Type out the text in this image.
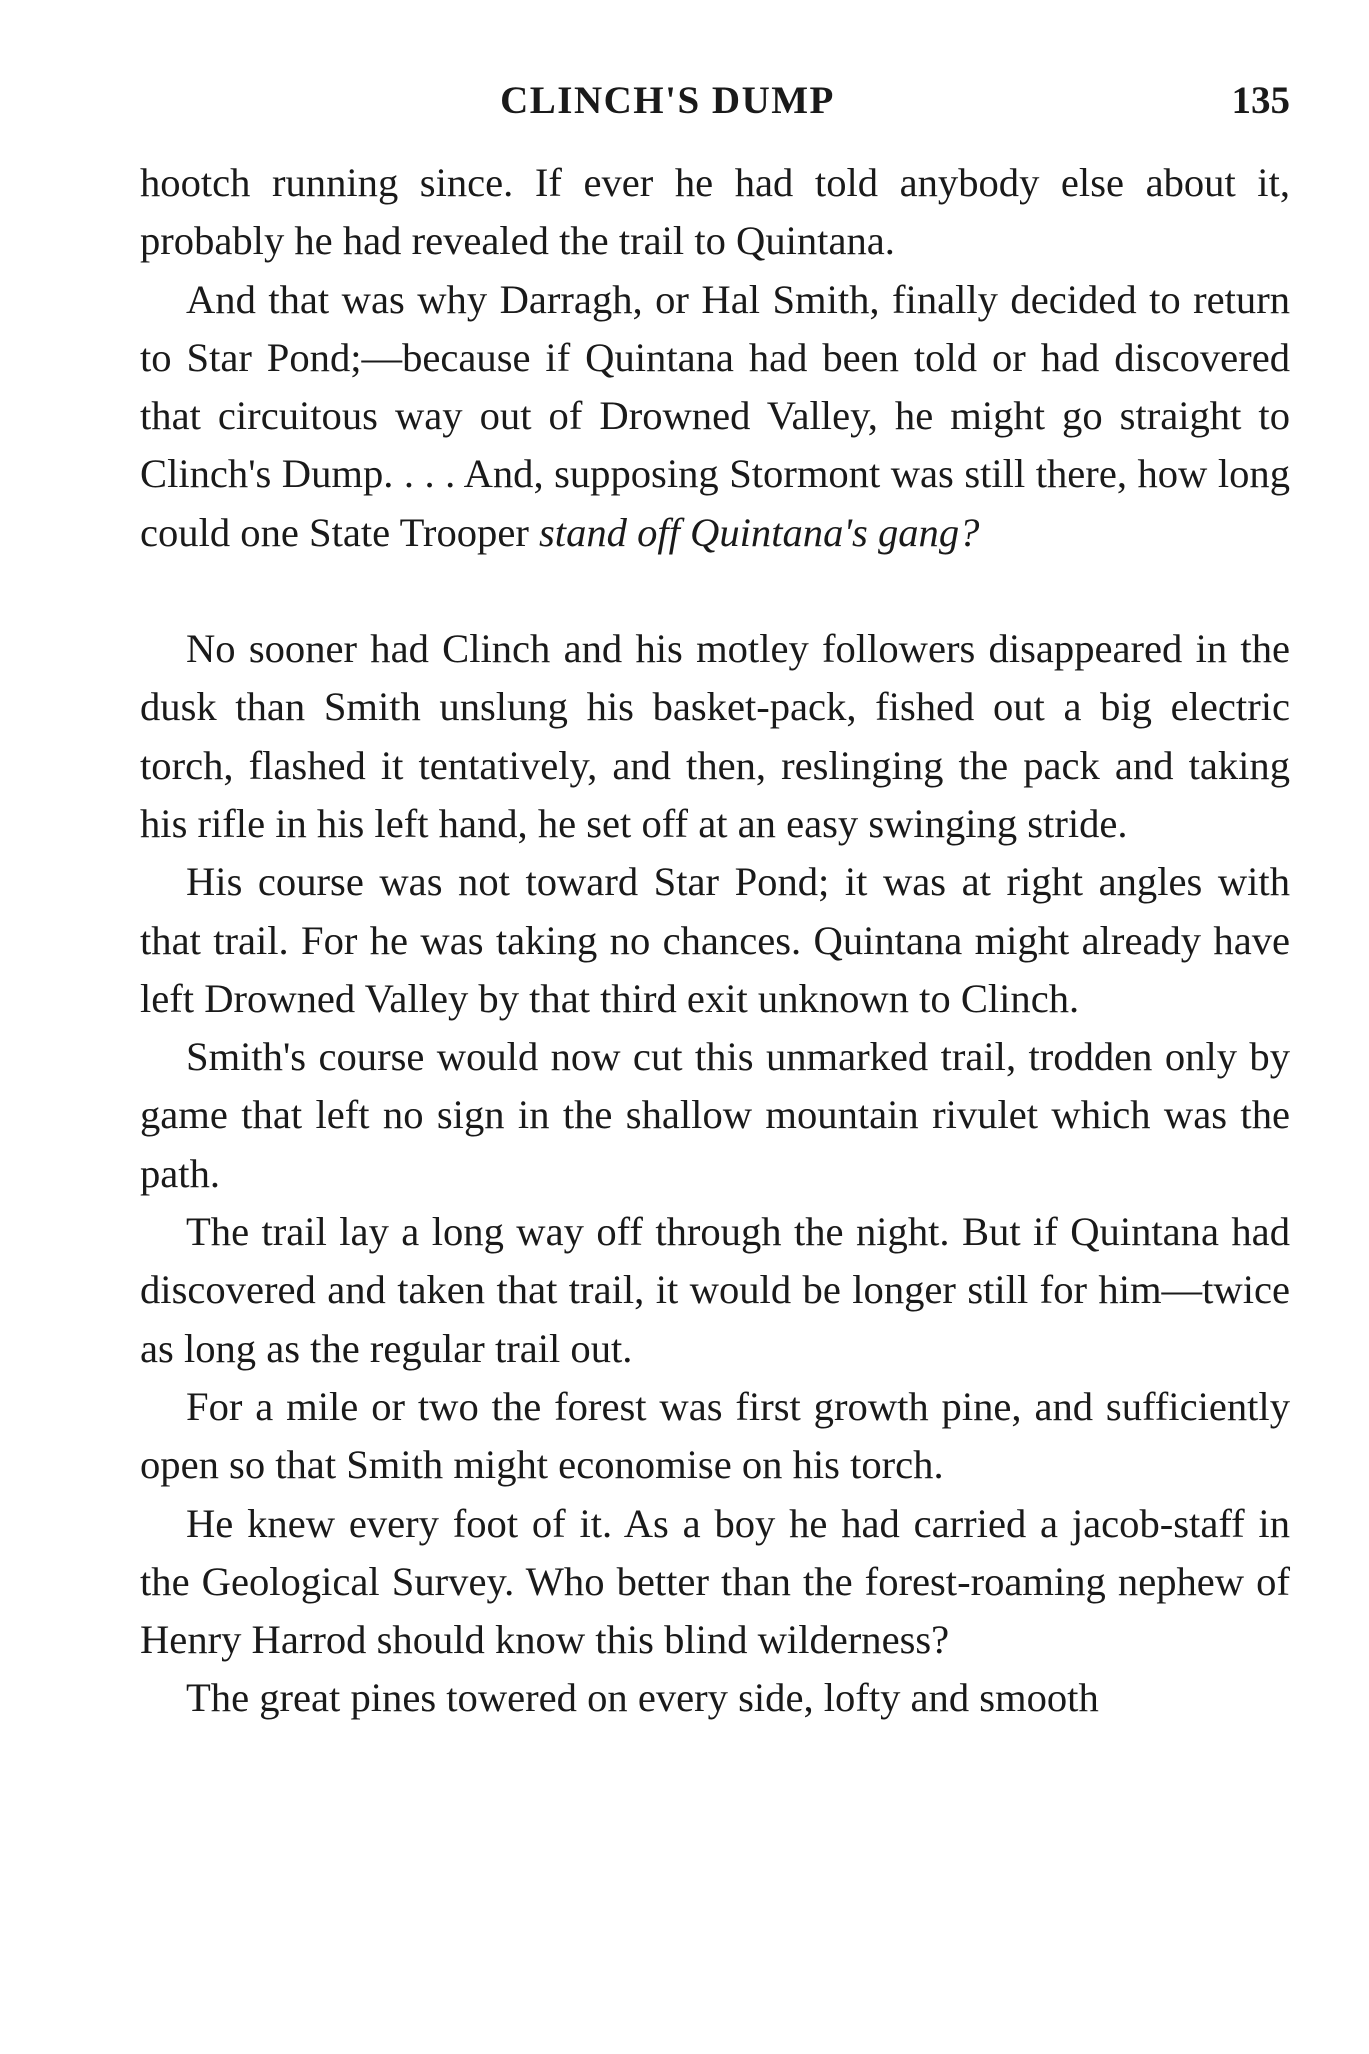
CLINCH'S DUMP	135

hootch running since. If ever he had told anybody else about it, probably he had revealed the trail to Quintana.

And that was why Darragh, or Hal Smith, finally decided to return to Star Pond;—because if Quintana had been told or had discovered that circuitous way out of Drowned Valley, he might go straight to Clinch's Dump. . . . And, supposing Stormont was still there, how long could one State Trooper stand off Quintana's gang?

No sooner had Clinch and his motley followers disappeared in the dusk than Smith unslung his basket-pack, fished out a big electric torch, flashed it tentatively, and then, reslinging the pack and taking his rifle in his left hand, he set off at an easy swinging stride.

His course was not toward Star Pond; it was at right angles with that trail. For he was taking no chances. Quintana might already have left Drowned Valley by that third exit unknown to Clinch.

Smith's course would now cut this unmarked trail, trodden only by game that left no sign in the shallow mountain rivulet which was the path.

The trail lay a long way off through the night. But if Quintana had discovered and taken that trail, it would be longer still for him—twice as long as the regular trail out.

For a mile or two the forest was first growth pine, and sufficiently open so that Smith might economise on his torch.

He knew every foot of it. As a boy he had carried a jacob-staff in the Geological Survey. Who better than the forest-roaming nephew of Henry Harrod should know this blind wilderness?

The great pines towered on every side, lofty and smooth
